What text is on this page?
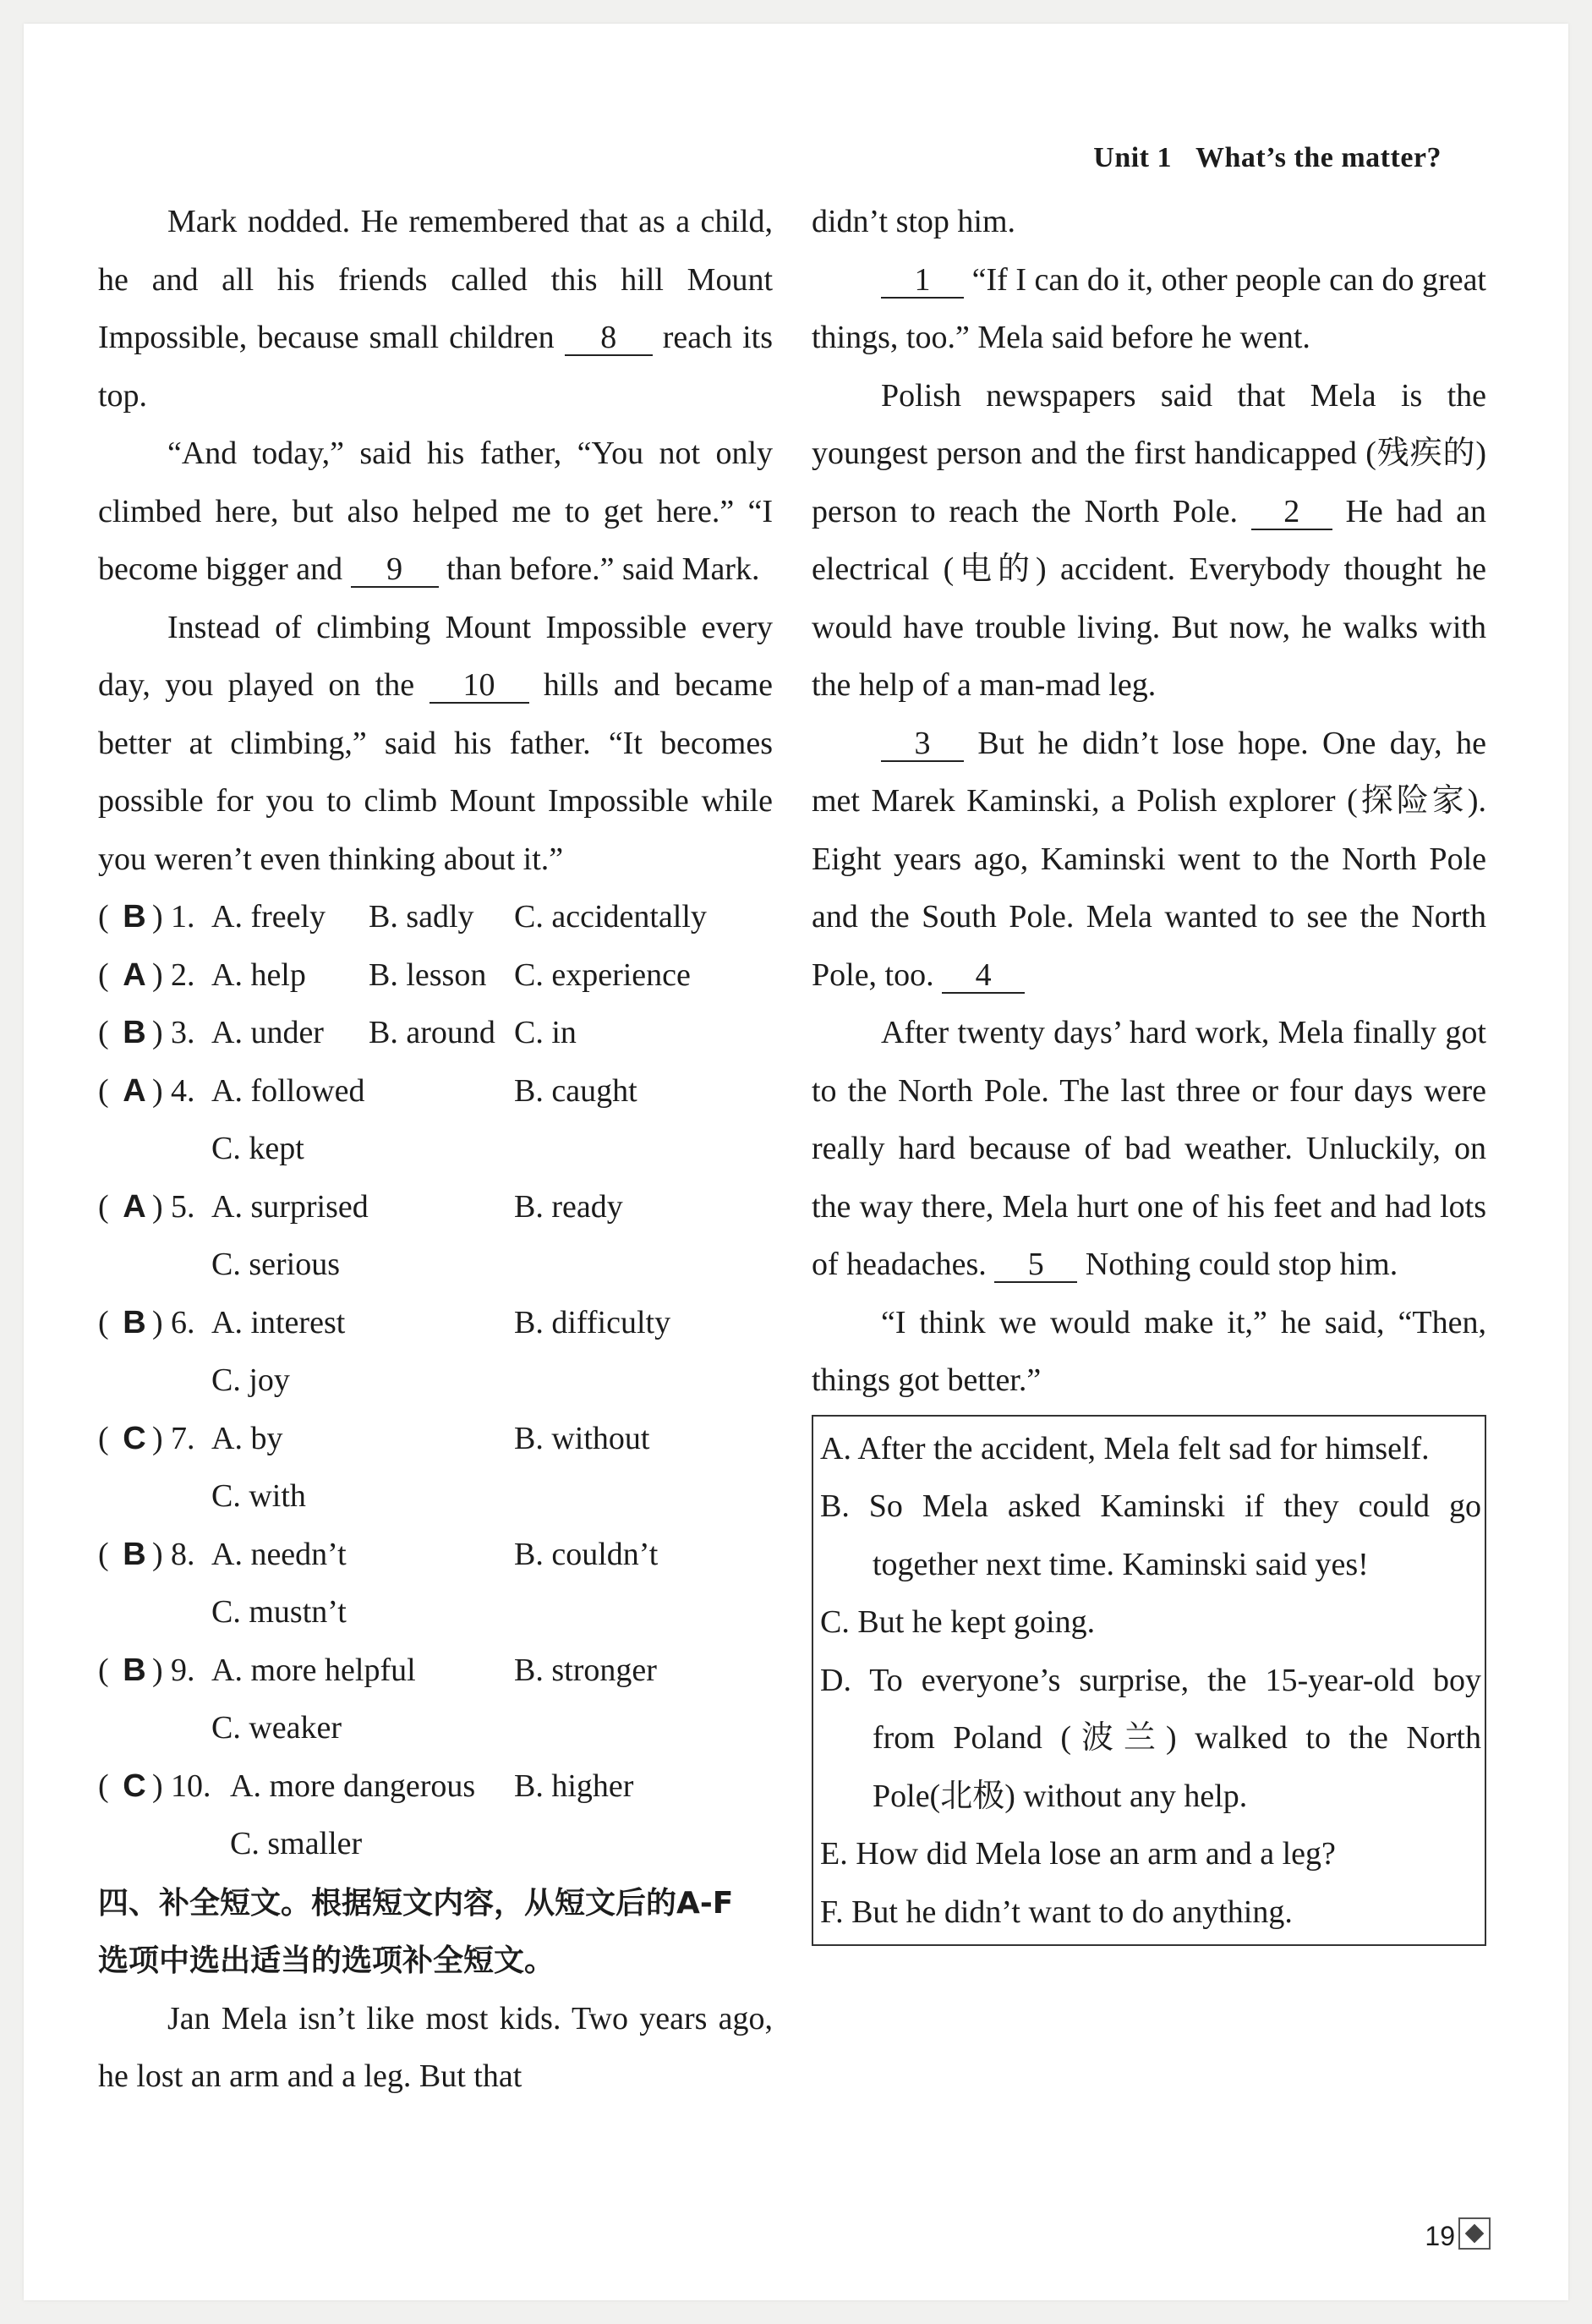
Unit 1 What’s the matter?

Mark nodded. He remembered that as a child, he and all his friends called this hill Mount Impossible, because small children 8 reach its top.

“And today,” said his father, “You not only climbed here, but also helped me to get here.” “I become bigger and 9 than before.” said Mark.

Instead of climbing Mount Impossible every day, you played on the 10 hills and became better at climbing,” said his father. “It becomes possible for you to climb Mount Impossible while you weren’t even thinking about it.”

( B ) 1. A. freely	B. sadly	C. accidentally
( A ) 2. A. help	B. lesson C. experience
( B ) 3. A. under	B. around C. in
( A ) 4. A. followed	B. caught
C. kept
( A ) 5. A. surprised	B. ready
C. serious
( B ) 6. A. interest	B. difficulty
C. joy
( C ) 7. A. by	B. without
C. with
( B ) 8. A. needn’t	B. couldn’t
C. mustn’t
( B ) 9. A. more helpful	B. stronger
C. weaker
( C ) 10. A. more dangerous	B. higher
C. smaller
四、补全短文。根据短文内容，从短文后的A-F 选项中选出适当的选项补全短文。

Jan Mela isn’t like most kids. Two years ago, he lost an arm and a leg. But that

didn’t stop him.

1 “If I can do it, other people can do great things, too.” Mela said before he went.

Polish newspapers said that Mela is the youngest person and the first handicapped (残疾的) person to reach the North Pole. 2 He had an electrical (电的) accident. Everybody thought he would have trouble living. But now, he walks with the help of a man-mad leg.

3 But he didn’t lose hope. One day, he met Marek Kaminski, a Polish explorer (探险家). Eight years ago, Kaminski went to the North Pole and the South Pole. Mela wanted to see the North Pole, too. 4

After twenty days’ hard work, Mela finally got to the North Pole. The last three or four days were really hard because of bad weather. Unluckily, on the way there, Mela hurt one of his feet and had lots of headaches. 5 Nothing could stop him.

“I think we would make it,” he said, “Then, things got better.”

A. After the accident, Mela felt sad for himself.

B. So Mela asked Kaminski if they could go together next time. Kaminski said yes!

C. But he kept going.

D. To everyone’s surprise, the 15-year-old boy from Poland (波兰) walked to the North Pole(北极) without any help.

E. How did Mela lose an arm and a leg?

F. But he didn’t want to do anything.

19
